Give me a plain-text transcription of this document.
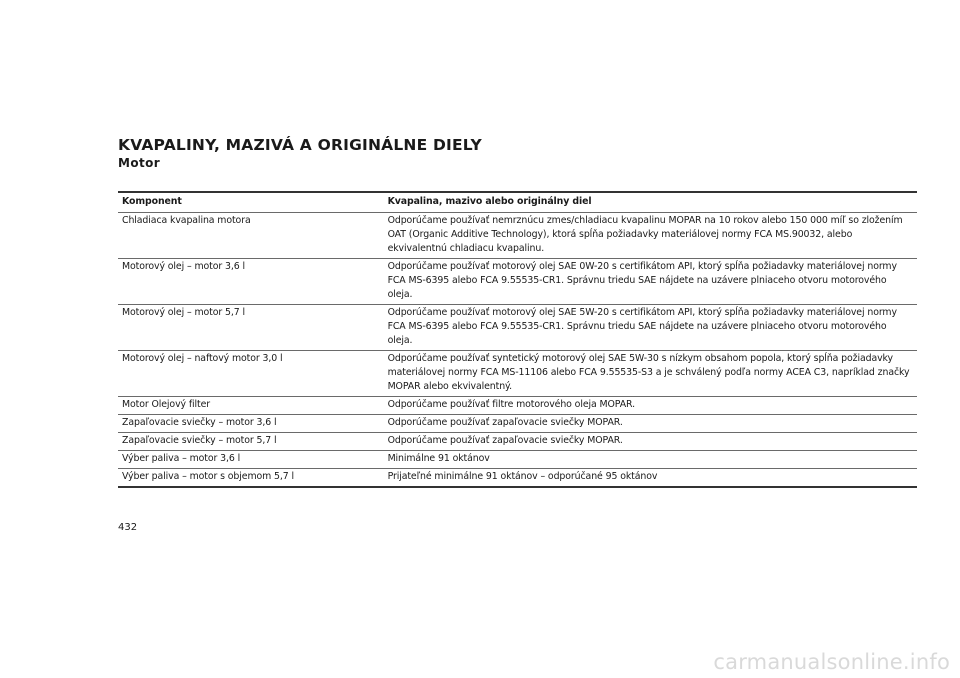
KVAPALINY, MAZIVÁ A ORIGINÁLNE DIELY
Motor
Komponent	Kvapalina, mazivo alebo originálny diel
Chladiaca kvapalina motora	Odporúčame používať nemrznúcu zmes/chladiacu kvapalinu MOPAR na 10 rokov alebo 150 000 míľ so zložením OAT (Organic Additive Technology), ktorá spĺňa požiadavky materiálovej normy FCA MS.90032, alebo ekvivalentnú chladiacu kvapalinu.
Motorový olej – motor 3,6 l	Odporúčame používať motorový olej SAE 0W-20 s certifikátom API, ktorý spĺňa požiadavky materiálovej normy FCA MS-6395 alebo FCA 9.55535-CR1. Správnu triedu SAE nájdete na uzávere plniaceho otvoru motorového oleja.
Motorový olej – motor 5,7 l	Odporúčame používať motorový olej SAE 5W-20 s certifikátom API, ktorý spĺňa požiadavky materiálovej normy FCA MS-6395 alebo FCA 9.55535-CR1. Správnu triedu SAE nájdete na uzávere plniaceho otvoru motorového oleja.
Motorový olej – naftový motor 3,0 l	Odporúčame používať syntetický motorový olej SAE 5W-30 s nízkym obsahom popola, ktorý spĺňa požiadavky materiálovej normy FCA MS-11106 alebo FCA 9.55535-S3 a je schválený podľa normy ACEA C3, napríklad značky MOPAR alebo ekvivalentný.
Motor Olejový filter	Odporúčame používať filtre motorového oleja MOPAR.
Zapaľovacie sviečky – motor 3,6 l	Odporúčame používať zapaľovacie sviečky MOPAR.
Zapaľovacie sviečky – motor 5,7 l	Odporúčame používať zapaľovacie sviečky MOPAR.
Výber paliva – motor 3,6 l	Minimálne 91 oktánov
Výber paliva – motor s objemom 5,7 l	Prijateľné minimálne 91 oktánov – odporúčané 95 oktánov

432

carmanualsonline.info
